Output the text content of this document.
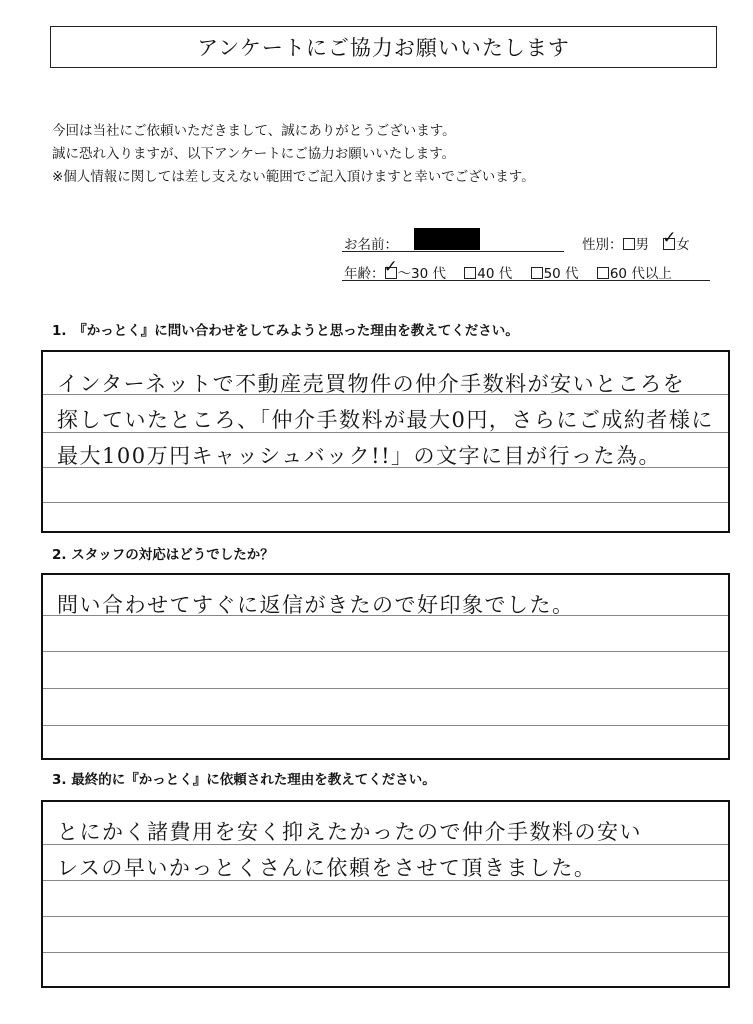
アンケートにご協力お願いいたします
今回は当社にご依頼いただきまして、誠にありがとうございます。
誠に恐れ入りますが、以下アンケートにご協力お願いいたします。
※個人情報に関しては差し支えない範囲でご記入頂けますと幸いでございます。
お名前：	性別： 男 ✓ 女
年齢： ✓ 〜30 代 40 代 50 代 60 代以上
1.　『かっとく』に問い合わせをしてみようと思った理由を教えてください。
インターネットで不動産売買物件の仲介手数料が安いところを
探していたところ、「仲介手数料が最大0円，さらにご成約者様に
最大100万円キャッシュバック!!」の文字に目が行った為。
2. スタッフの対応はどうでしたか？
問い合わせてすぐに返信がきたので好印象でした。
3. 最終的に『かっとく』に依頼された理由を教えてください。
とにかく諸費用を安く抑えたかったので仲介手数料の安い
レスの早いかっとくさんに依頼をさせて頂きました。
